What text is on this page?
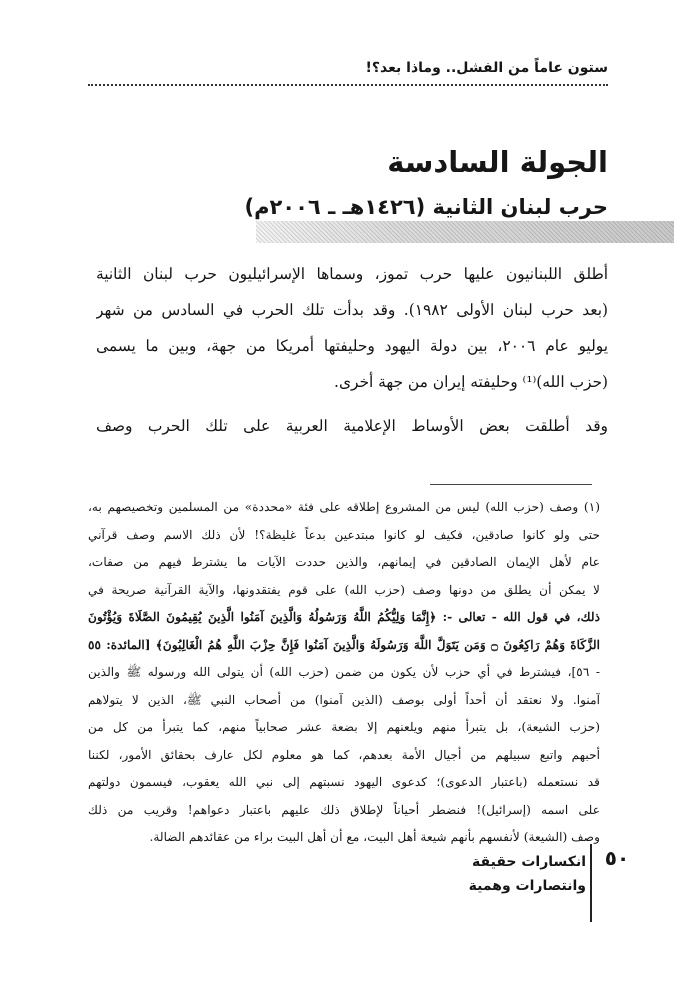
ستون عاماً من الفشل.. وماذا بعد؟!
الجولة السادسة
حرب لبنان الثانية (١٤٢٦هـ ـ ٢٠٠٦م)
أطلق اللبنانيون عليها حرب تموز، وسماها الإسرائيليون حرب لبنان الثانية
(بعد حرب لبنان الأولى ١٩٨٢). وقد بدأت تلك الحرب في السادس من شهر
يوليو عام ٢٠٠٦، بين دولة اليهود وحليفتها أمريكا من جهة، وبين ما يسمى
(حزب الله)⁽¹⁾ وحليفته إيران من جهة أخرى.
وقد أطلقت بعض الأوساط الإعلامية العربية على تلك الحرب وصف
(١) وصف (حزب الله) ليس من المشروع إطلاقه على فئة «محددة» من المسلمين وتخصيصهم به،
حتى ولو كانوا صادقين، فكيف لو كانوا مبتدعين بدعاً غليظة؟! لأن ذلك الاسم وصف قرآني
عام لأهل الإيمان الصادقين في إيمانهم، والذين حددت الآيات ما يشترط فيهم من صفات،
لا يمكن أن يطلق من دونها وصف (حزب الله) على قوم يفتقدونها، والآية القرآنية صريحة في
ذلك، في قول الله - تعالى -: ﴿إِنَّمَا وَلِيُّكُمُ اللَّهُ وَرَسُولُهُ وَالَّذِينَ آمَنُوا الَّذِينَ يُقِيمُونَ الصَّلَاةَ وَيُؤْتُونَ
الزَّكَاةَ وَهُمْ رَاكِعُونَ ۝ وَمَن يَتَوَلَّ اللَّهَ وَرَسُولَهُ وَالَّذِينَ آمَنُوا فَإِنَّ حِزْبَ اللَّهِ هُمُ الْغَالِبُونَ﴾ [المائدة: ٥٥
- ٥٦]، فيشترط في أي حزب لأن يكون من ضمن (حزب الله) أن يتولى الله ورسوله ﷺ والذين
آمنوا. ولا نعتقد أن أحداً أولى بوصف (الذين آمنوا) من أصحاب النبي ﷺ، الذين لا يتولاهم
(حزب الشيعة)، بل يتبرأ منهم ويلعنهم إلا بضعة عشر صحابياً منهم، كما يتبرأ من كل من
أحبهم واتبع سبيلهم من أجيال الأمة بعدهم، كما هو معلوم لكل عارف بحقائق الأمور، لكننا
قد نستعمله (باعتبار الدعوى)؛ كدعوى اليهود نسبتهم إلى نبي الله يعقوب، فيسمون دولتهم
على اسمه (إسرائيل)! فنضطر أحياناً لإطلاق ذلك عليهم باعتبار دعواهم! وقريب من ذلك
وصف (الشيعة) لأنفسهم بأنهم شيعة أهل البيت، مع أن أهل البيت براء من عقائدهم الضالة.
٥٠
انكسارات حقيقة
وانتصارات وهمية
